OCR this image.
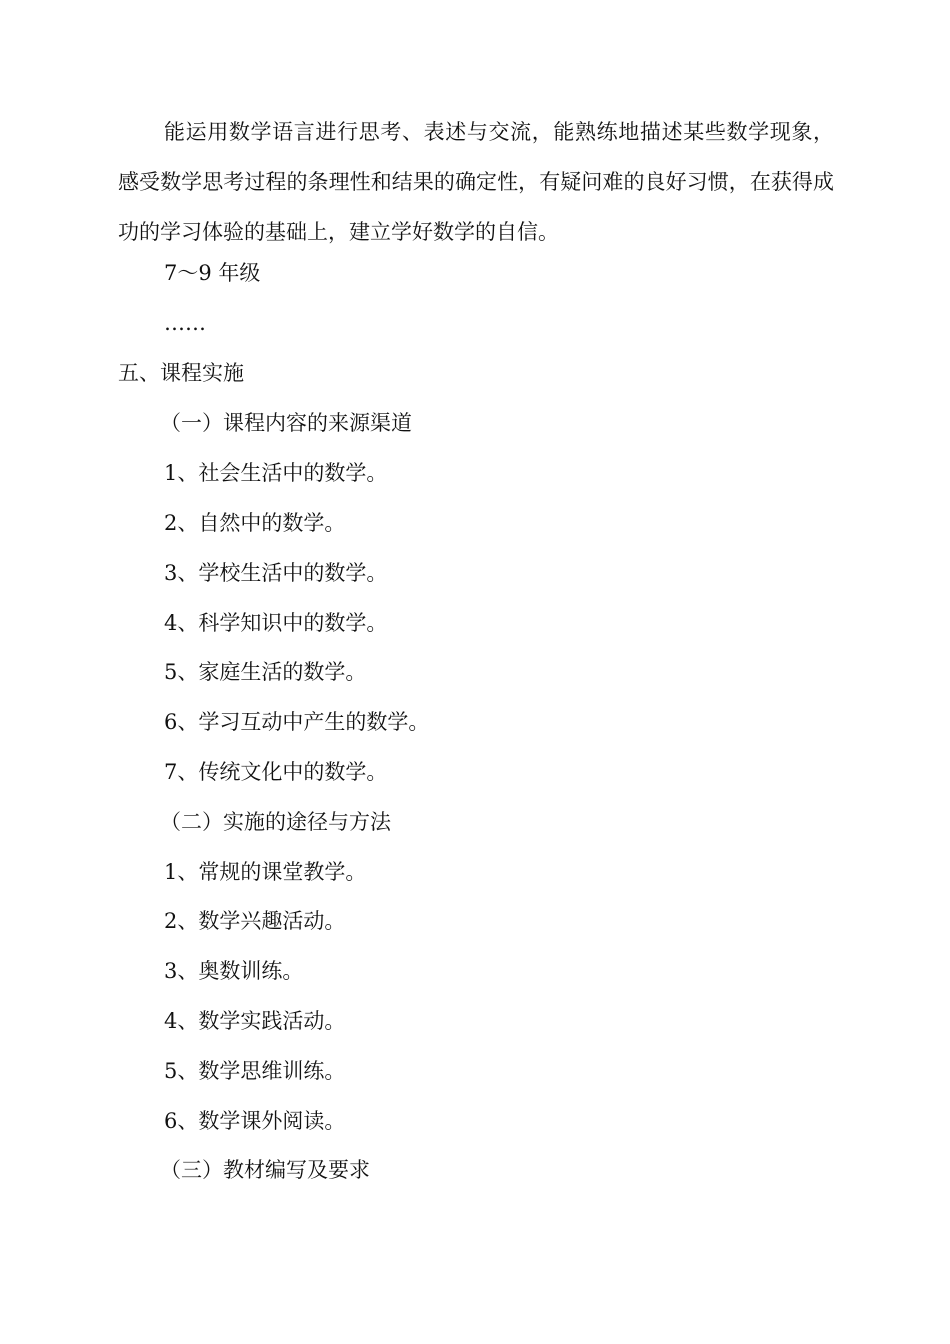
能运用数学语言进行思考、表述与交流，能熟练地描述某些数学现象，感受数学思考过程的条理性和结果的确定性，有疑问难的良好习惯，在获得成功的学习体验的基础上，建立学好数学的自信。
7～9 年级
……
五、课程实施
（一）课程内容的来源渠道
1、社会生活中的数学。
2、自然中的数学。
3、学校生活中的数学。
4、科学知识中的数学。
5、家庭生活的数学。
6、学习互动中产生的数学。
7、传统文化中的数学。
（二）实施的途径与方法
1、常规的课堂教学。
2、数学兴趣活动。
3、奥数训练。
4、数学实践活动。
5、数学思维训练。
6、数学课外阅读。
（三）教材编写及要求
